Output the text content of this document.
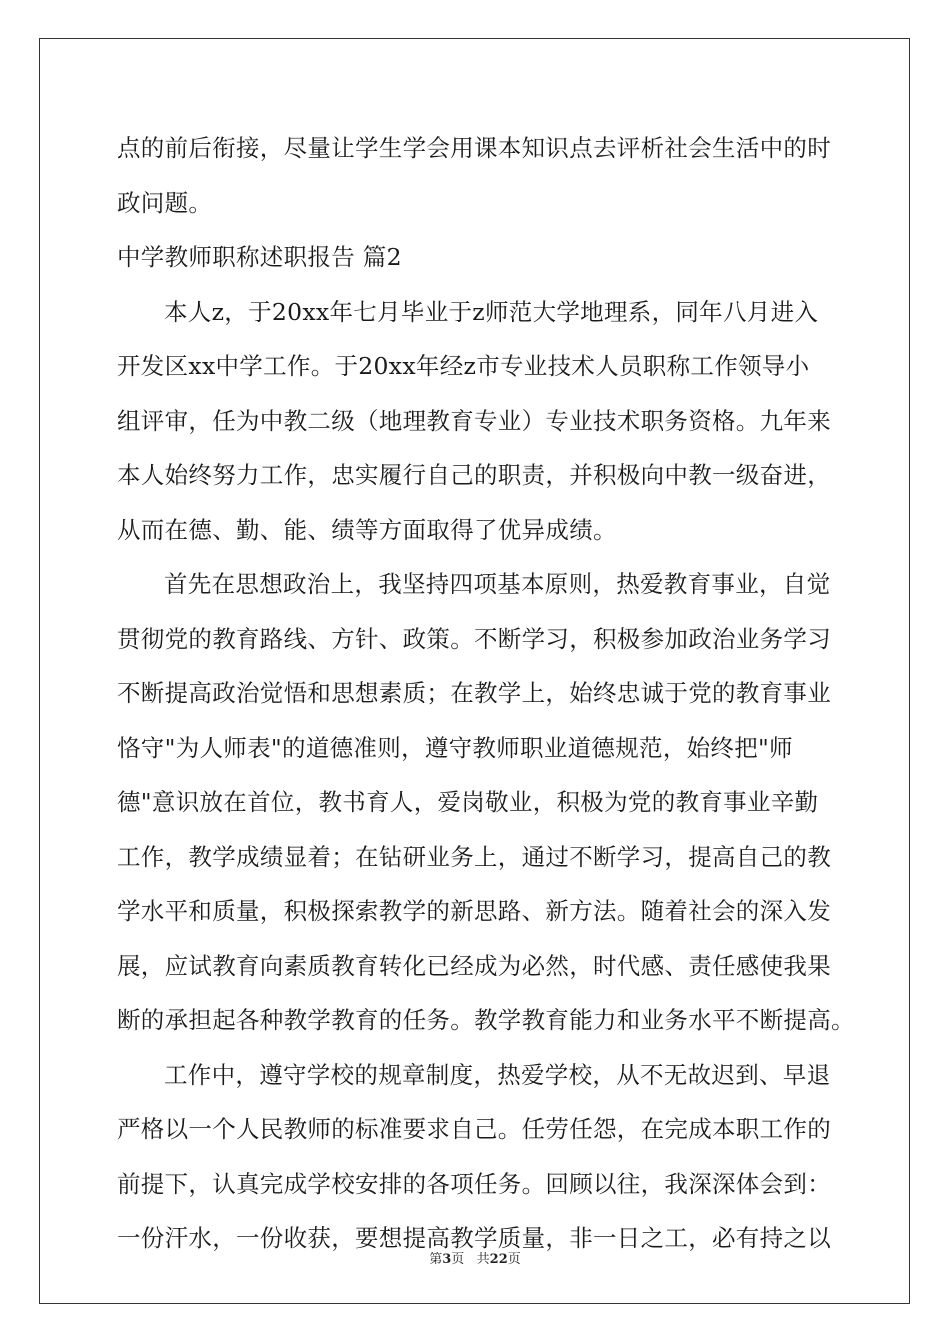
点的前后衔接，尽量让学生学会用课本知识点去评析社会生活中的时
政问题。
中学教师职称述职报告 篇2
本人z，于20xx年七月毕业于z师范大学地理系，同年八月进入
开发区xx中学工作。于20xx年经z市专业技术人员职称工作领导小
组评审，任为中教二级（地理教育专业）专业技术职务资格。九年来
本人始终努力工作，忠实履行自己的职责，并积极向中教一级奋进，
从而在德、勤、能、绩等方面取得了优异成绩。
首先在思想政治上，我坚持四项基本原则，热爱教育事业，自觉
贯彻党的教育路线、方针、政策。不断学习，积极参加政治业务学习
不断提高政治觉悟和思想素质；在教学上，始终忠诚于党的教育事业
恪守"为人师表"的道德准则，遵守教师职业道德规范，始终把"师
德"意识放在首位，教书育人，爱岗敬业，积极为党的教育事业辛勤
工作，教学成绩显着；在钻研业务上，通过不断学习，提高自己的教
学水平和质量，积极探索教学的新思路、新方法。随着社会的深入发
展，应试教育向素质教育转化已经成为必然，时代感、责任感使我果
断的承担起各种教学教育的任务。教学教育能力和业务水平不断提高。
工作中，遵守学校的规章制度，热爱学校，从不无故迟到、早退
严格以一个人民教师的标准要求自己。任劳任怨，在完成本职工作的
前提下，认真完成学校安排的各项任务。回顾以往，我深深体会到：
一份汗水，一份收获，要想提高教学质量，非一日之工，必有持之以
第3页   共22页
